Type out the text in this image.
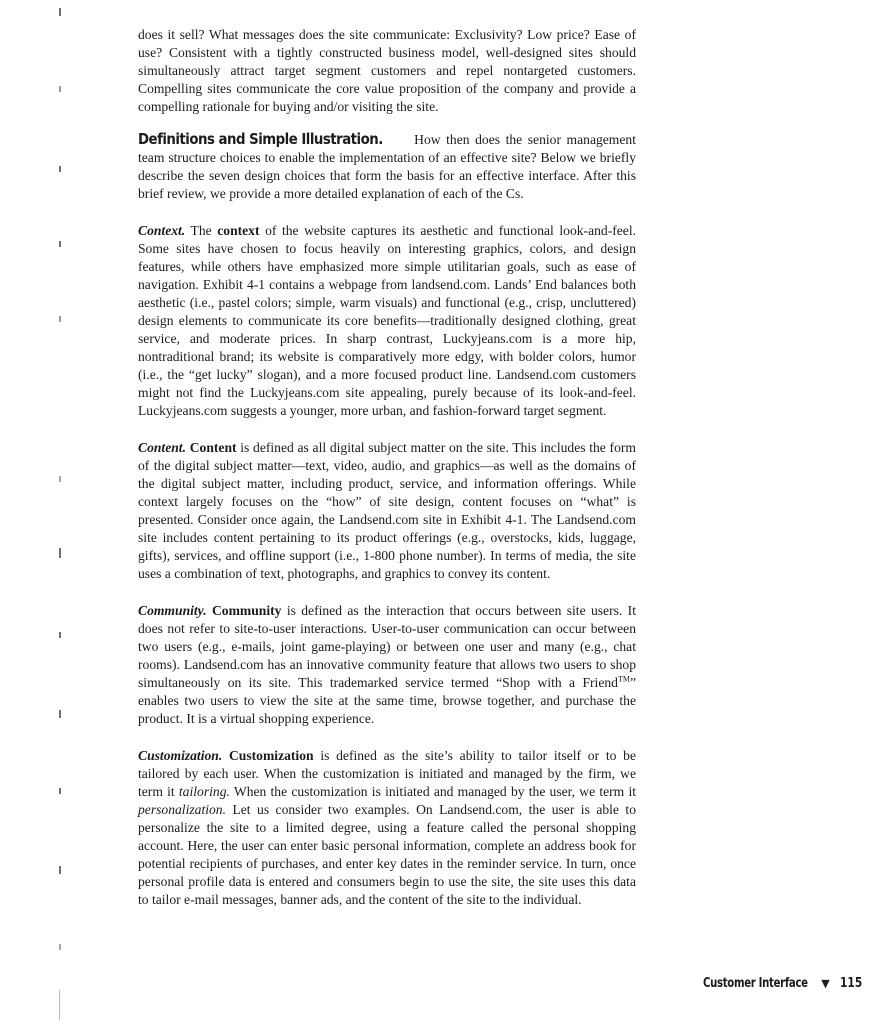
does it sell? What messages does the site communicate: Exclusivity? Low price? Ease of use? Consistent with a tightly constructed business model, well-designed sites should simultaneously attract target segment customers and repel nontargeted customers. Compelling sites communicate the core value proposition of the company and provide a compelling rationale for buying and/or visiting the site.

Definitions and Simple Illustration. How then does the senior management team structure choices to enable the implementation of an effective site? Below we briefly describe the seven design choices that form the basis for an effective interface. After this brief review, we provide a more detailed explanation of each of the Cs.

Context. The context of the website captures its aesthetic and functional look-and-feel. Some sites have chosen to focus heavily on interesting graphics, colors, and design features, while others have emphasized more simple utilitarian goals, such as ease of navigation. Exhibit 4-1 contains a webpage from landsend.com. Lands’ End balances both aesthetic (i.e., pastel colors; simple, warm visuals) and functional (e.g., crisp, uncluttered) design elements to communicate its core benefits—traditionally designed clothing, great service, and moderate prices. In sharp contrast, Luckyjeans.com is a more hip, nontraditional brand; its website is comparatively more edgy, with bolder colors, humor (i.e., the “get lucky” slogan), and a more focused product line. Landsend.com customers might not find the Luckyjeans.com site appealing, purely because of its look-and-feel. Luckyjeans.com suggests a younger, more urban, and fashion-forward target segment.

Content. Content is defined as all digital subject matter on the site. This includes the form of the digital subject matter—text, video, audio, and graphics—as well as the domains of the digital subject matter, including product, service, and information offerings. While context largely focuses on the “how” of site design, content focuses on “what” is presented. Consider once again, the Landsend.com site in Exhibit 4-1. The Landsend.com site includes content pertaining to its product offerings (e.g., overstocks, kids, luggage, gifts), services, and offline support (i.e., 1-800 phone number). In terms of media, the site uses a combination of text, photographs, and graphics to convey its content.

Community. Community is defined as the interaction that occurs between site users. It does not refer to site-to-user interactions. User-to-user communication can occur between two users (e.g., e-mails, joint game-playing) or between one user and many (e.g., chat rooms). Landsend.com has an innovative community feature that allows two users to shop simultaneously on its site. This trademarked service termed “Shop with a Friend™” enables two users to view the site at the same time, browse together, and purchase the product. It is a virtual shopping experience.

Customization. Customization is defined as the site’s ability to tailor itself or to be tailored by each user. When the customization is initiated and managed by the firm, we term it tailoring. When the customization is initiated and managed by the user, we term it personalization. Let us consider two examples. On Landsend.com, the user is able to personalize the site to a limited degree, using a feature called the personal shopping account. Here, the user can enter basic personal information, complete an address book for potential recipients of purchases, and enter key dates in the reminder service. In turn, once personal profile data is entered and consumers begin to use the site, the site uses this data to tailor e-mail messages, banner ads, and the content of the site to the individual.

Customer Interface ▼ 115
